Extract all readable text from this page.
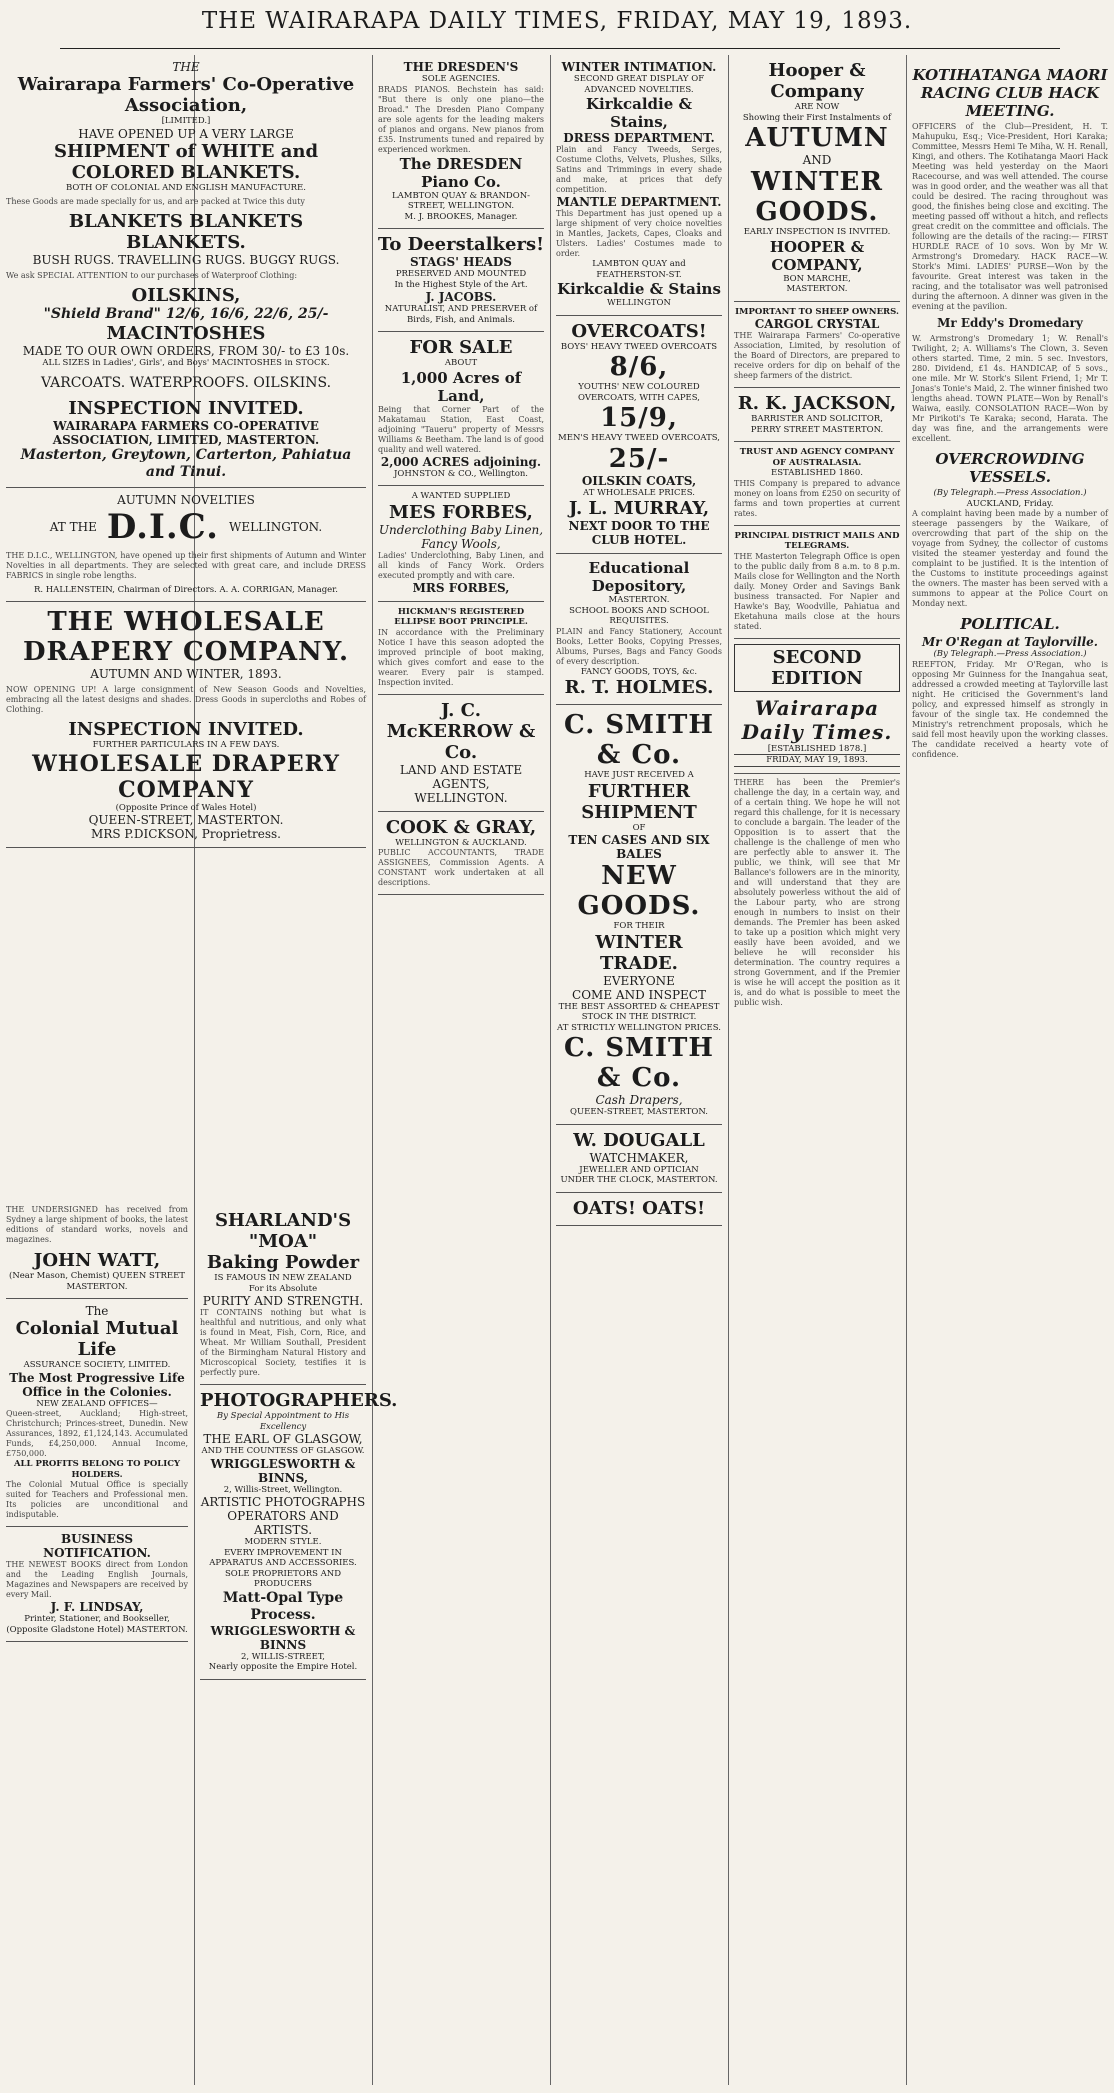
THE WAIRARAPA DAILY TIMES, FRIDAY, MAY 19, 1893.
THE
Wairarapa Farmers' Co-Operative Association,
[LIMITED.]
HAVE OPENED UP A VERY LARGE
SHIPMENT of WHITE and COLORED BLANKETS.
BOTH OF COLONIAL AND ENGLISH MANUFACTURE.
These Goods are made specially for us, and are packed at Twice this duty
BLANKETS BLANKETS BLANKETS.
BUSH RUGS. TRAVELLING RUGS. BUGGY RUGS.
We ask SPECIAL ATTENTION to our purchases of Waterproof Clothing:
OILSKINS,
"Shield Brand" 12/6, 16/6, 22/6, 25/-
MACINTOSHES
MADE TO OUR OWN ORDERS, FROM 30/- to £3 10s.
ALL SIZES in Ladies', Girls', and Boys' MACINTOSHES in STOCK.
VARCOATS. WATERPROOFS. OILSKINS.
INSPECTION INVITED.
WAIRARAPA FARMERS CO-OPERATIVE ASSOCIATION, LIMITED, MASTERTON.
Masterton, Greytown, Carterton, Pahiatua and Tinui.
AUTUMN NOVELTIES
AT THE D.I.C. WELLINGTON.
THE D.I.C., WELLINGTON, have opened up their first shipments of Autumn and Winter Novelties in all departments. They are selected with great care, and include DRESS FABRICS in single robe lengths.
R. HALLENSTEIN, Chairman of Directors. A. A. CORRIGAN, Manager.
THE WHOLESALE DRAPERY COMPANY.
AUTUMN AND WINTER, 1893.
NOW OPENING UP! A large consignment of New Season Goods and Novelties, embracing all the latest designs and shades. Dress Goods in supercloths and Robes of Clothing.
INSPECTION INVITED.
FURTHER PARTICULARS IN A FEW DAYS.
WHOLESALE DRAPERY COMPANY
(Opposite Prince of Wales Hotel)
QUEEN-STREET, MASTERTON.
MRS P.DICKSON, Proprietress.
THE UNDERSIGNED has received from Sydney a large shipment of books, the latest editions of standard works, novels and magazines.
JOHN WATT,
(Near Mason, Chemist) QUEEN STREET MASTERTON.
The
Colonial Mutual Life
ASSURANCE SOCIETY, LIMITED.
The Most Progressive Life Office in the Colonies.
NEW ZEALAND OFFICES—
Queen-street, Auckland; High-street, Christchurch; Princes-street, Dunedin. New Assurances, 1892, £1,124,143. Accumulated Funds, £4,250,000. Annual Income, £750,000.
ALL PROFITS BELONG TO POLICY HOLDERS.
The Colonial Mutual Office is specially suited for Teachers and Professional men. Its policies are unconditional and indisputable.
BUSINESS NOTIFICATION.
THE NEWEST BOOKS direct from London and the Leading English Journals, Magazines and Newspapers are received by every Mail.
J. F. LINDSAY,
Printer, Stationer, and Bookseller, (Opposite Gladstone Hotel) MASTERTON.
SHARLAND'S "MOA"
Baking Powder
IS FAMOUS IN NEW ZEALAND
For its Absolute
PURITY AND STRENGTH.
IT CONTAINS nothing but what is healthful and nutritious, and only what is found in Meat, Fish, Corn, Rice, and Wheat. Mr William Southall, President of the Birmingham Natural History and Microscopical Society, testifies it is perfectly pure.
PHOTOGRAPHERS.
By Special Appointment to His Excellency
THE EARL OF GLASGOW,
AND THE COUNTESS OF GLASGOW.
WRIGGLESWORTH & BINNS,
2, Willis-Street, Wellington.
ARTISTIC PHOTOGRAPHS
OPERATORS AND ARTISTS.
MODERN STYLE.
EVERY IMPROVEMENT IN APPARATUS AND ACCESSORIES.
SOLE PROPRIETORS AND PRODUCERS
Matt-Opal Type Process.
WRIGGLESWORTH & BINNS
2, WILLIS-STREET,
Nearly opposite the Empire Hotel.
THE DRESDEN'S
SOLE AGENCIES.
BRADS PIANOS. Bechstein has said: "But there is only one piano—the Broad." The Dresden Piano Company are sole agents for the leading makers of pianos and organs. New pianos from £35. Instruments tuned and repaired by experienced workmen.
The DRESDEN Piano Co.
LAMBTON QUAY & BRANDON-STREET, WELLINGTON.
M. J. BROOKES, Manager.
To Deerstalkers!
STAGS' HEADS
PRESERVED AND MOUNTED
In the Highest Style of the Art.
J. JACOBS.
NATURALIST, AND PRESERVER of Birds, Fish, and Animals.
FOR SALE
ABOUT
1,000 Acres of Land,
Being that Corner Part of the Makatamau Station, East Coast, adjoining "Taueru" property of Messrs Williams & Beetham. The land is of good quality and well watered.
2,000 ACRES adjoining.
JOHNSTON & CO., Wellington.
A WANTED SUPPLIED
MES FORBES,
Underclothing Baby Linen, Fancy Wools,
Ladies' Underclothing, Baby Linen, and all kinds of Fancy Work. Orders executed promptly and with care.
MRS FORBES,
HICKMAN'S REGISTERED ELLIPSE BOOT PRINCIPLE.
IN accordance with the Preliminary Notice I have this season adopted the improved principle of boot making, which gives comfort and ease to the wearer. Every pair is stamped. Inspection invited.
J. C. McKERROW & Co.
LAND AND ESTATE
AGENTS,
WELLINGTON.
COOK & GRAY,
WELLINGTON & AUCKLAND.
PUBLIC ACCOUNTANTS, TRADE ASSIGNEES, Commission Agents. A CONSTANT work undertaken at all descriptions.
WINTER INTIMATION.
SECOND GREAT DISPLAY OF ADVANCED NOVELTIES.
Kirkcaldie & Stains,
DRESS DEPARTMENT.
Plain and Fancy Tweeds, Serges, Costume Cloths, Velvets, Plushes, Silks, Satins and Trimmings in every shade and make, at prices that defy competition.
MANTLE DEPARTMENT.
This Department has just opened up a large shipment of very choice novelties in Mantles, Jackets, Capes, Cloaks and Ulsters. Ladies' Costumes made to order.
LAMBTON QUAY and FEATHERSTON-ST.
Kirkcaldie & Stains
WELLINGTON
OVERCOATS!
BOYS' HEAVY TWEED OVERCOATS
8/6,
YOUTHS' NEW COLOURED OVERCOATS, WITH CAPES,
15/9,
MEN'S HEAVY TWEED OVERCOATS,
25/-
OILSKIN COATS,
AT WHOLESALE PRICES.
J. L. MURRAY,
NEXT DOOR TO THE CLUB HOTEL.
Educational Depository,
MASTERTON.
SCHOOL BOOKS AND SCHOOL REQUISITES.
PLAIN and Fancy Stationery, Account Books, Letter Books, Copying Presses, Albums, Purses, Bags and Fancy Goods of every description.
FANCY GOODS, TOYS, &c.
R. T. HOLMES.
C. SMITH & Co.
HAVE JUST RECEIVED A
FURTHER SHIPMENT
OF
TEN CASES AND SIX BALES
NEW GOODS.
FOR THEIR
WINTER TRADE.
EVERYONE
COME AND INSPECT
THE BEST ASSORTED & CHEAPEST STOCK IN THE DISTRICT.
AT STRICTLY WELLINGTON PRICES.
C. SMITH & Co.
Cash Drapers,
QUEEN-STREET, MASTERTON.
W. DOUGALL
WATCHMAKER,
JEWELLER AND OPTICIAN
UNDER THE CLOCK, MASTERTON.
OATS! OATS!
Hooper & Company
ARE NOW
Showing their First Instalments of
AUTUMN
AND
WINTER
GOODS.
EARLY INSPECTION IS INVITED.
HOOPER & COMPANY,
BON MARCHE,
MASTERTON.
IMPORTANT TO SHEEP OWNERS.
CARGOL CRYSTAL
THE Wairarapa Farmers' Co-operative Association, Limited, by resolution of the Board of Directors, are prepared to receive orders for dip on behalf of the sheep farmers of the district.
R. K. JACKSON,
BARRISTER AND SOLICITOR,
PERRY STREET MASTERTON.
TRUST AND AGENCY COMPANY OF AUSTRALASIA.
ESTABLISHED 1860.
THIS Company is prepared to advance money on loans from £250 on security of farms and town properties at current rates.
PRINCIPAL DISTRICT MAILS AND TELEGRAMS.
THE Masterton Telegraph Office is open to the public daily from 8 a.m. to 8 p.m. Mails close for Wellington and the North daily. Money Order and Savings Bank business transacted. For Napier and Hawke's Bay, Woodville, Pahiatua and Eketahuna mails close at the hours stated.
SECOND EDITION
Wairarapa Daily Times.
[ESTABLISHED 1878.]
FRIDAY, MAY 19, 1893.
THERE has been the Premier's challenge the day, in a certain way, and of a certain thing. We hope he will not regard this challenge, for it is necessary to conclude a bargain. The leader of the Opposition is to assert that the challenge is the challenge of men who are perfectly able to answer it. The public, we think, will see that Mr Ballance's followers are in the minority, and will understand that they are absolutely powerless without the aid of the Labour party, who are strong enough in numbers to insist on their demands. The Premier has been asked to take up a position which might very easily have been avoided, and we believe he will reconsider his determination. The country requires a strong Government, and if the Premier is wise he will accept the position as it is, and do what is possible to meet the public wish.
KOTIHATANGA MAORI RACING CLUB HACK MEETING.
OFFICERS of the Club—President, H. T. Mahupuku, Esq.; Vice-President, Hori Karaka; Committee, Messrs Hemi Te Miha, W. H. Renall, Kingi, and others. The Kotihatanga Maori Hack Meeting was held yesterday on the Maori Racecourse, and was well attended. The course was in good order, and the weather was all that could be desired. The racing throughout was good, the finishes being close and exciting. The meeting passed off without a hitch, and reflects great credit on the committee and officials. The following are the details of the racing:— FIRST HURDLE RACE of 10 sovs. Won by Mr W. Armstrong's Dromedary. HACK RACE—W. Stork's Mimi. LADIES' PURSE—Won by the favourite. Great interest was taken in the racing, and the totalisator was well patronised during the afternoon. A dinner was given in the evening at the pavilion.
Mr Eddy's Dromedary
W. Armstrong's Dromedary 1; W. Renall's Twilight, 2; A. Williams's The Clown, 3. Seven others started. Time, 2 min. 5 sec. Investors, 280. Dividend, £1 4s. HANDICAP, of 5 sovs., one mile. Mr W. Stork's Silent Friend, 1; Mr T. Jonas's Tonie's Maid, 2. The winner finished two lengths ahead. TOWN PLATE—Won by Renall's Waiwa, easily. CONSOLATION RACE—Won by Mr Pirikoti's Te Karaka; second, Harata. The day was fine, and the arrangements were excellent.
OVERCROWDING VESSELS.
(By Telegraph.—Press Association.)
AUCKLAND, Friday.
A complaint having been made by a number of steerage passengers by the Waikare, of overcrowding that part of the ship on the voyage from Sydney, the collector of customs visited the steamer yesterday and found the complaint to be justified. It is the intention of the Customs to institute proceedings against the owners. The master has been served with a summons to appear at the Police Court on Monday next.
POLITICAL.
Mr O'Regan at Taylorville.
(By Telegraph.—Press Association.)
REEFTON, Friday. Mr O'Regan, who is opposing Mr Guinness for the Inangahua seat, addressed a crowded meeting at Taylorville last night. He criticised the Government's land policy, and expressed himself as strongly in favour of the single tax. He condemned the Ministry's retrenchment proposals, which he said fell most heavily upon the working classes. The candidate received a hearty vote of confidence.
